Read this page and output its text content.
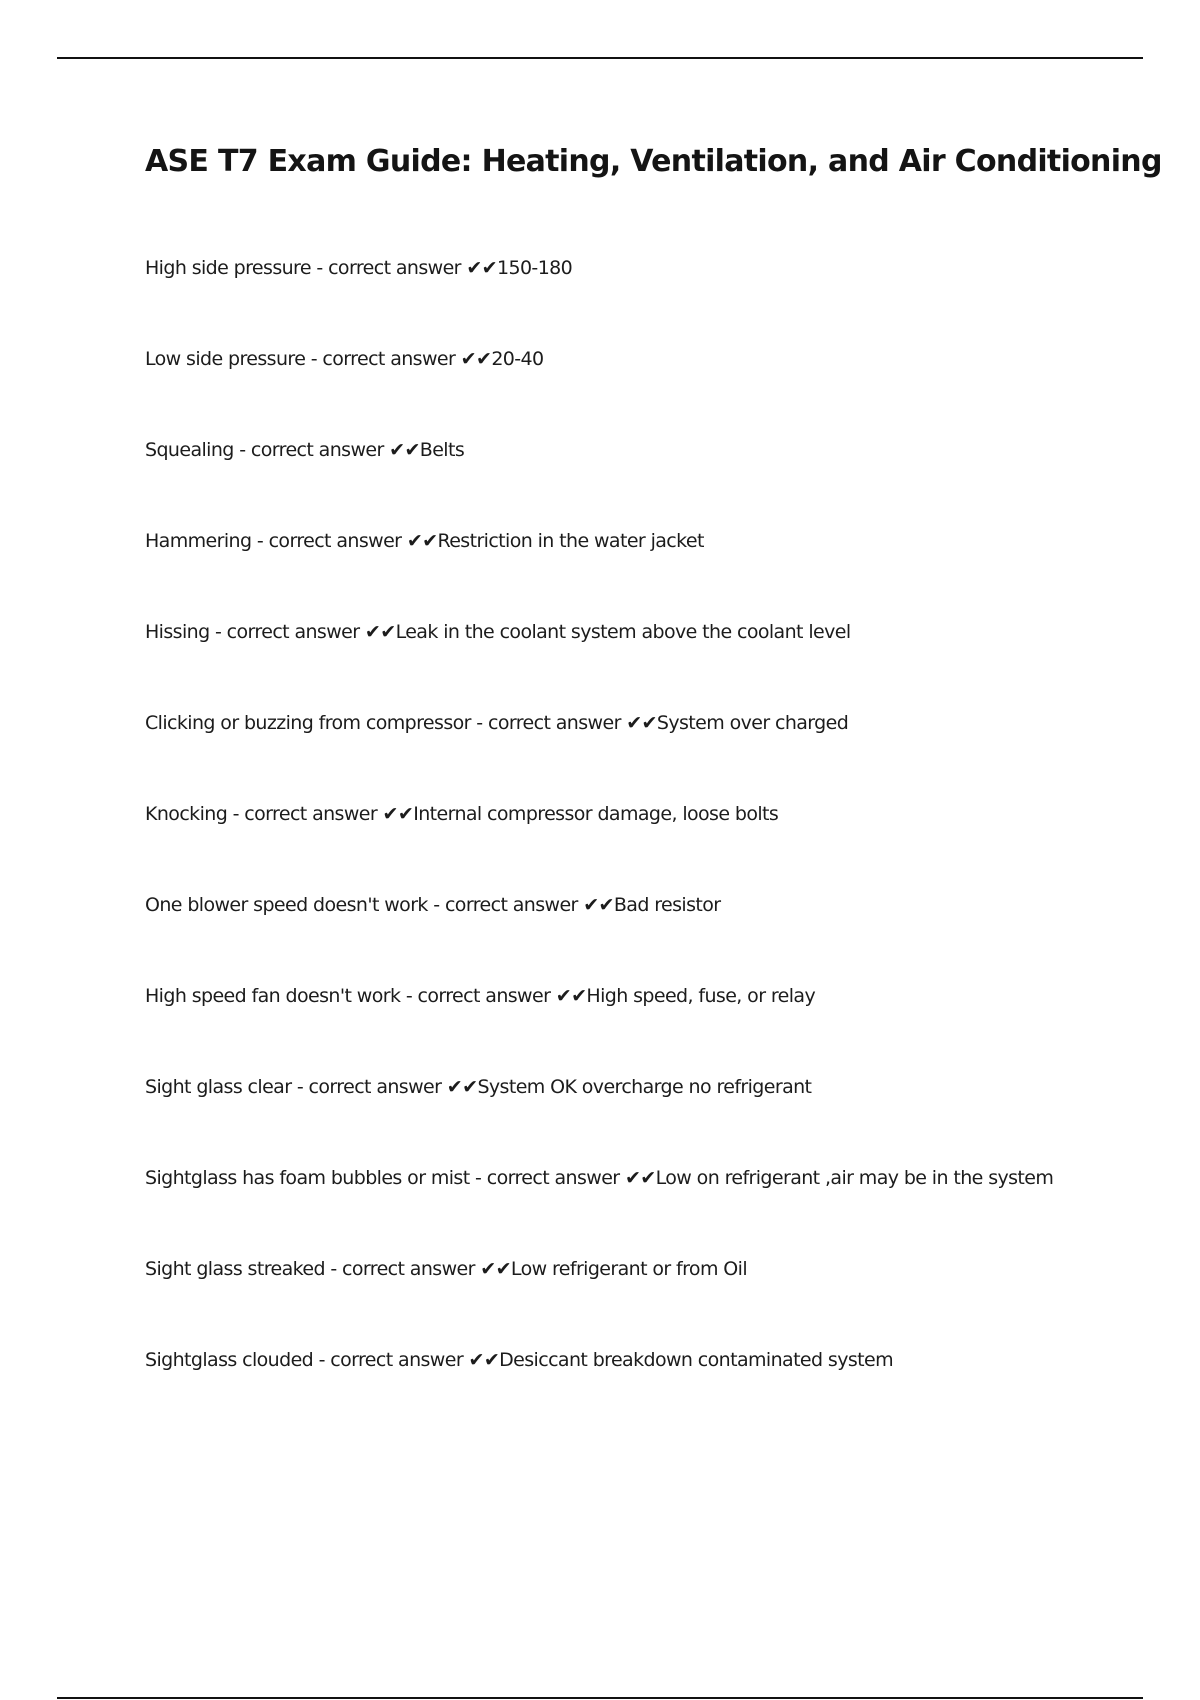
ASE T7 Exam Guide: Heating, Ventilation, and Air Conditioning
High side pressure - correct answer ✔✔150-180
Low side pressure - correct answer ✔✔20-40
Squealing - correct answer ✔✔Belts
Hammering - correct answer ✔✔Restriction in the water jacket
Hissing - correct answer ✔✔Leak in the coolant system above the coolant level
Clicking or buzzing from compressor - correct answer ✔✔System over charged
Knocking - correct answer ✔✔Internal compressor damage, loose bolts
One blower speed doesn't work - correct answer ✔✔Bad resistor
High speed fan doesn't work - correct answer ✔✔High speed, fuse, or relay
Sight glass clear - correct answer ✔✔System OK overcharge no refrigerant
Sightglass has foam bubbles or mist - correct answer ✔✔Low on refrigerant ,air may be in the system
Sight glass streaked - correct answer ✔✔Low refrigerant or from Oil
Sightglass clouded - correct answer ✔✔Desiccant breakdown contaminated system
